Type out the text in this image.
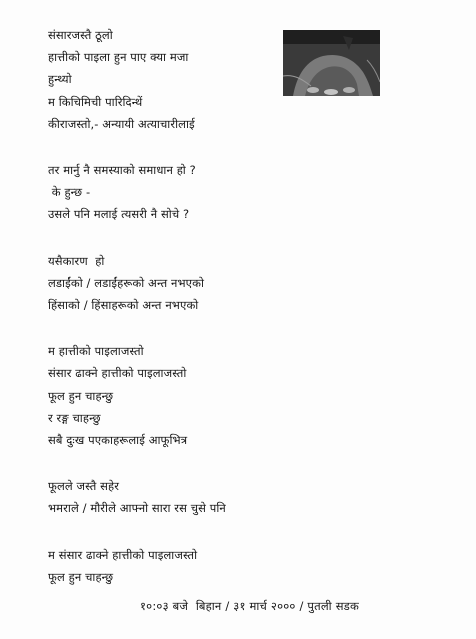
संसारजस्तै ठूलो
हात्तीको पाइला हुन पाए क्या मजा
हुन्थ्यो
म किचिमिची पारिदिन्थें
कीराजस्तो,- अन्यायी अत्याचारीलाई
तर मार्नु नै समस्याको समाधान हो ?
के हुन्छ -
उसले पनि मलाई त्यसरी नै सोचे ?
यसैकारण  हो
लडाईंको / लडाईंहरूको अन्त नभएको
हिंसाको / हिंसाहरूको अन्त नभएको
म हात्तीको पाइलाजस्तो
संसार ढाक्ने हात्तीको पाइलाजस्तो
फूल हुन चाहन्छु
र रङ्ग चाहन्छु
सबै दुःख पएकाहरूलाई आफूभित्र
फूलले जस्तै सहेर
भमराले / मौरीले आफ्नो सारा रस चुसे पनि
म संसार ढाक्ने हात्तीको पाइलाजस्तो
फूल हुन चाहन्छु
१०:०३ बजे  बिहान / ३१ मार्च २००० / पुतली सडक
